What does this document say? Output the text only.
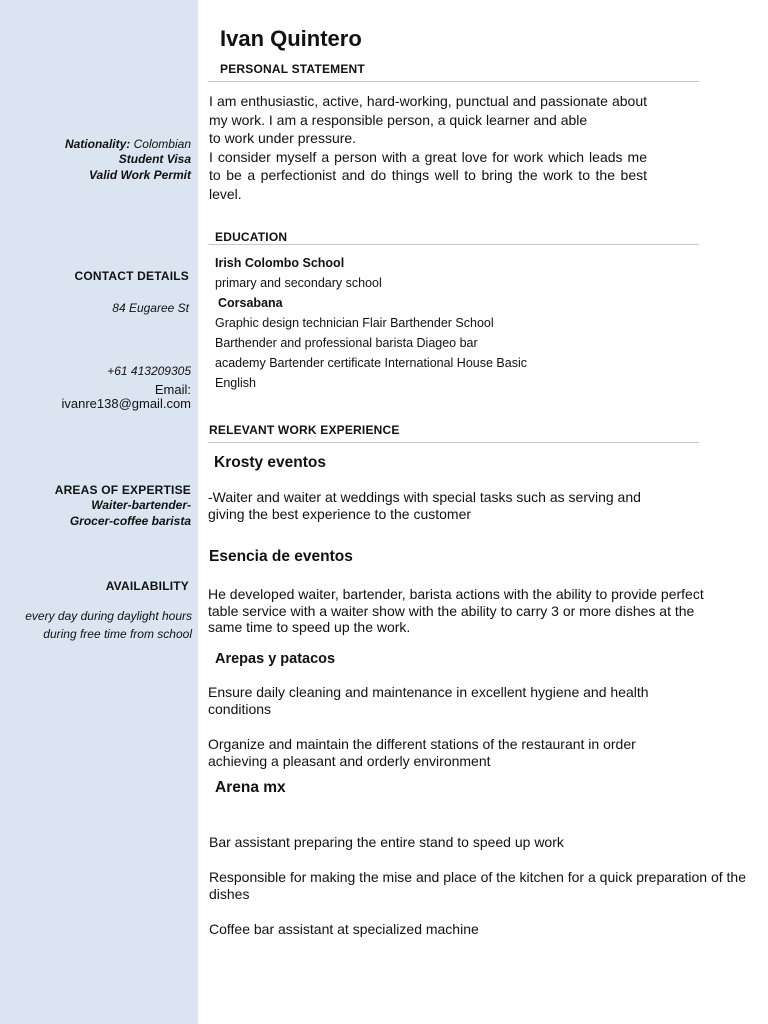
Nationality: Colombian
Student Visa
Valid Work Permit
CONTACT DETAILS
84 Eugaree St
+61 413209305
Email:
ivanre138@gmail.com
AREAS OF EXPERTISE
Waiter-bartender-
Grocer-coffee barista
AVAILABILITY
every day during daylight hours
during free time from school
Ivan Quintero
PERSONAL STATEMENT
I am enthusiastic, active, hard-working, punctual and passionate about my work. I am a responsible person, a quick learner and able
to work under pressure.
I consider myself a person with a great love for work which leads me to be a perfectionist and do things well to bring the work to the best level.
EDUCATION
Irish Colombo School
primary and secondary school
Corsabana
Graphic design technician Flair Barthender School
Barthender and professional barista Diageo bar
academy Bartender certificate International House Basic
English
RELEVANT WORK EXPERIENCE
Krosty eventos
-Waiter and waiter at weddings with special tasks such as serving and giving the best experience to the customer
Esencia de eventos
He developed waiter, bartender, barista actions with the ability to provide perfect table service with a waiter show with the ability to carry 3 or more dishes at the same time to speed up the work.
Arepas y patacos
Ensure daily cleaning and maintenance in excellent hygiene and health conditions
Organize and maintain the different stations of the restaurant in order achieving a pleasant and orderly environment
Arena mx
Bar assistant preparing the entire stand to speed up work
Responsible for making the mise and place of the kitchen for a quick preparation of the dishes
Coffee bar assistant at specialized machine
